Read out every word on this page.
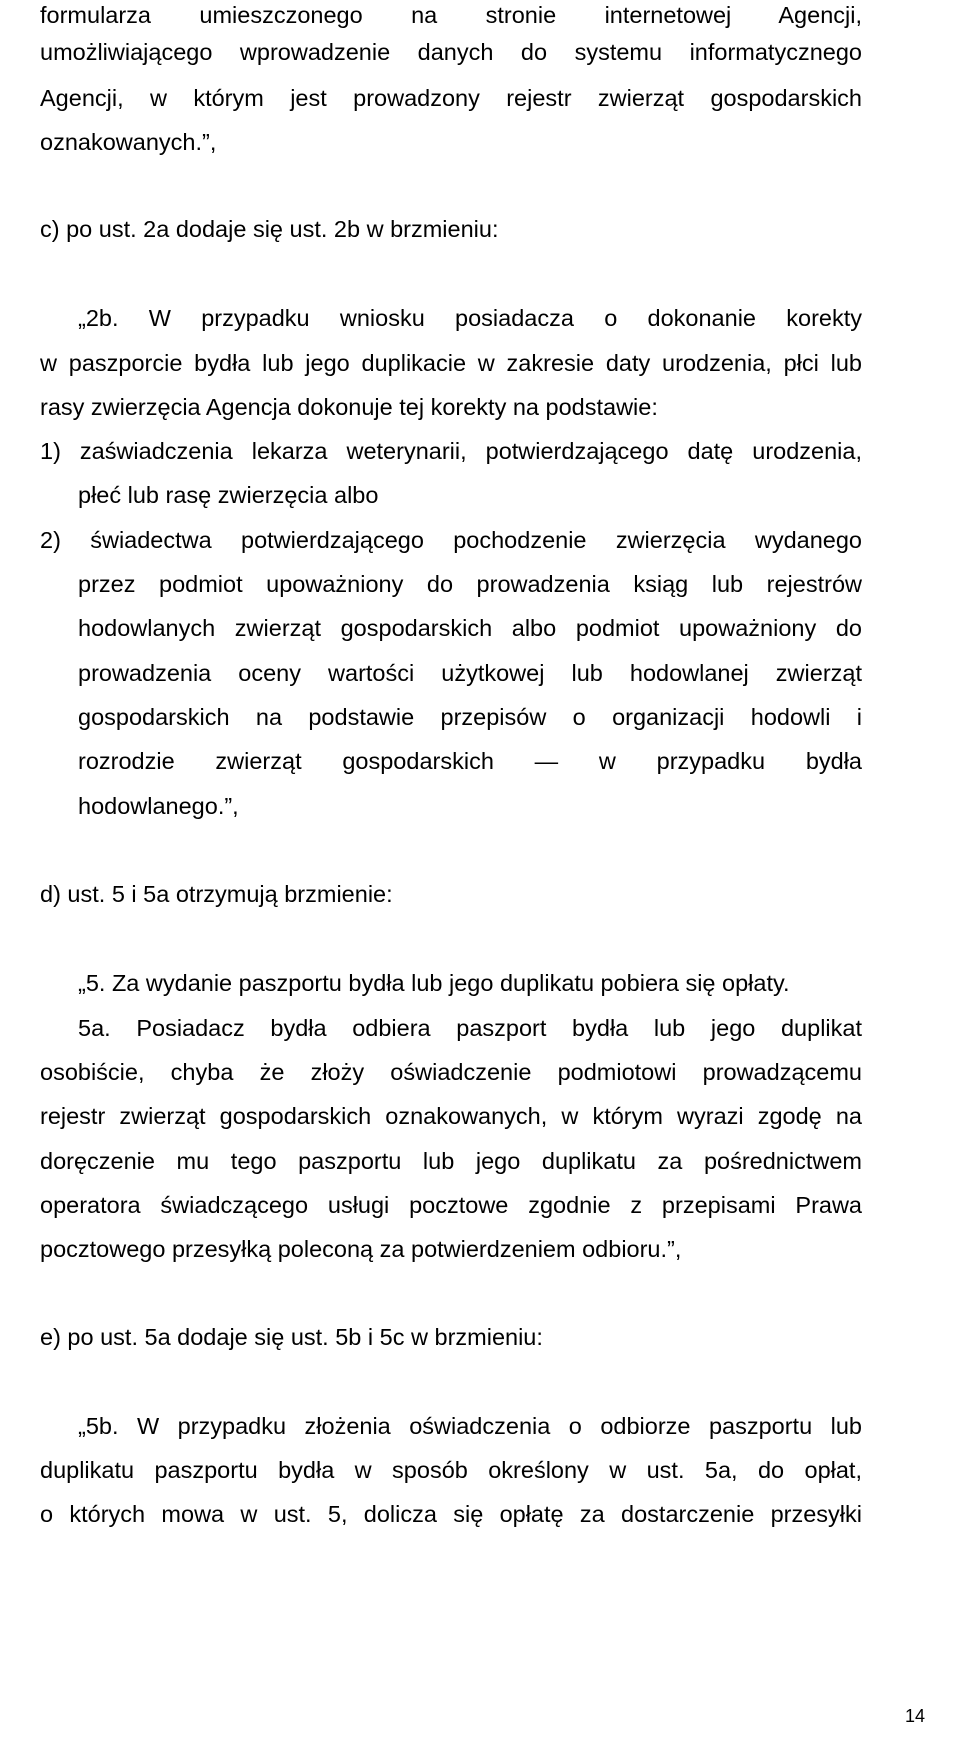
formularza umieszczonego na stronie internetowej Agencji,
umożliwiającego wprowadzenie danych do systemu informatycznego
Agencji, w którym jest prowadzony rejestr zwierząt gospodarskich
oznakowanych.”,
c) po ust. 2a dodaje się ust. 2b w brzmieniu:
„2b. W przypadku wniosku posiadacza o dokonanie korekty
w paszporcie bydła lub jego duplikacie w zakresie daty urodzenia, płci lub
rasy zwierzęcia Agencja dokonuje tej korekty na podstawie:
1) zaświadczenia lekarza weterynarii, potwierdzającego datę urodzenia,
płeć lub rasę zwierzęcia albo
2) świadectwa potwierdzającego pochodzenie zwierzęcia wydanego
przez podmiot upoważniony do prowadzenia ksiąg lub rejestrów
hodowlanych zwierząt gospodarskich albo podmiot upoważniony do
prowadzenia oceny wartości użytkowej lub hodowlanej zwierząt
gospodarskich na podstawie przepisów o organizacji hodowli i
rozrodzie zwierząt gospodarskich — w przypadku bydła
hodowlanego.”,
d) ust. 5 i 5a otrzymują brzmienie:
„5. Za wydanie paszportu bydła lub jego duplikatu pobiera się opłaty.
5a. Posiadacz bydła odbiera paszport bydła lub jego duplikat
osobiście, chyba że złoży oświadczenie podmiotowi prowadzącemu
rejestr zwierząt gospodarskich oznakowanych, w którym wyrazi zgodę na
doręczenie mu tego paszportu lub jego duplikatu za pośrednictwem
operatora świadczącego usługi pocztowe zgodnie z przepisami Prawa
pocztowego przesyłką poleconą za potwierdzeniem odbioru.”,
e) po ust. 5a dodaje się ust. 5b i 5c w brzmieniu:
„5b. W przypadku złożenia oświadczenia o odbiorze paszportu lub
duplikatu paszportu bydła w sposób określony w ust. 5a, do opłat,
o których mowa w ust. 5, dolicza się opłatę za dostarczenie przesyłki
14
